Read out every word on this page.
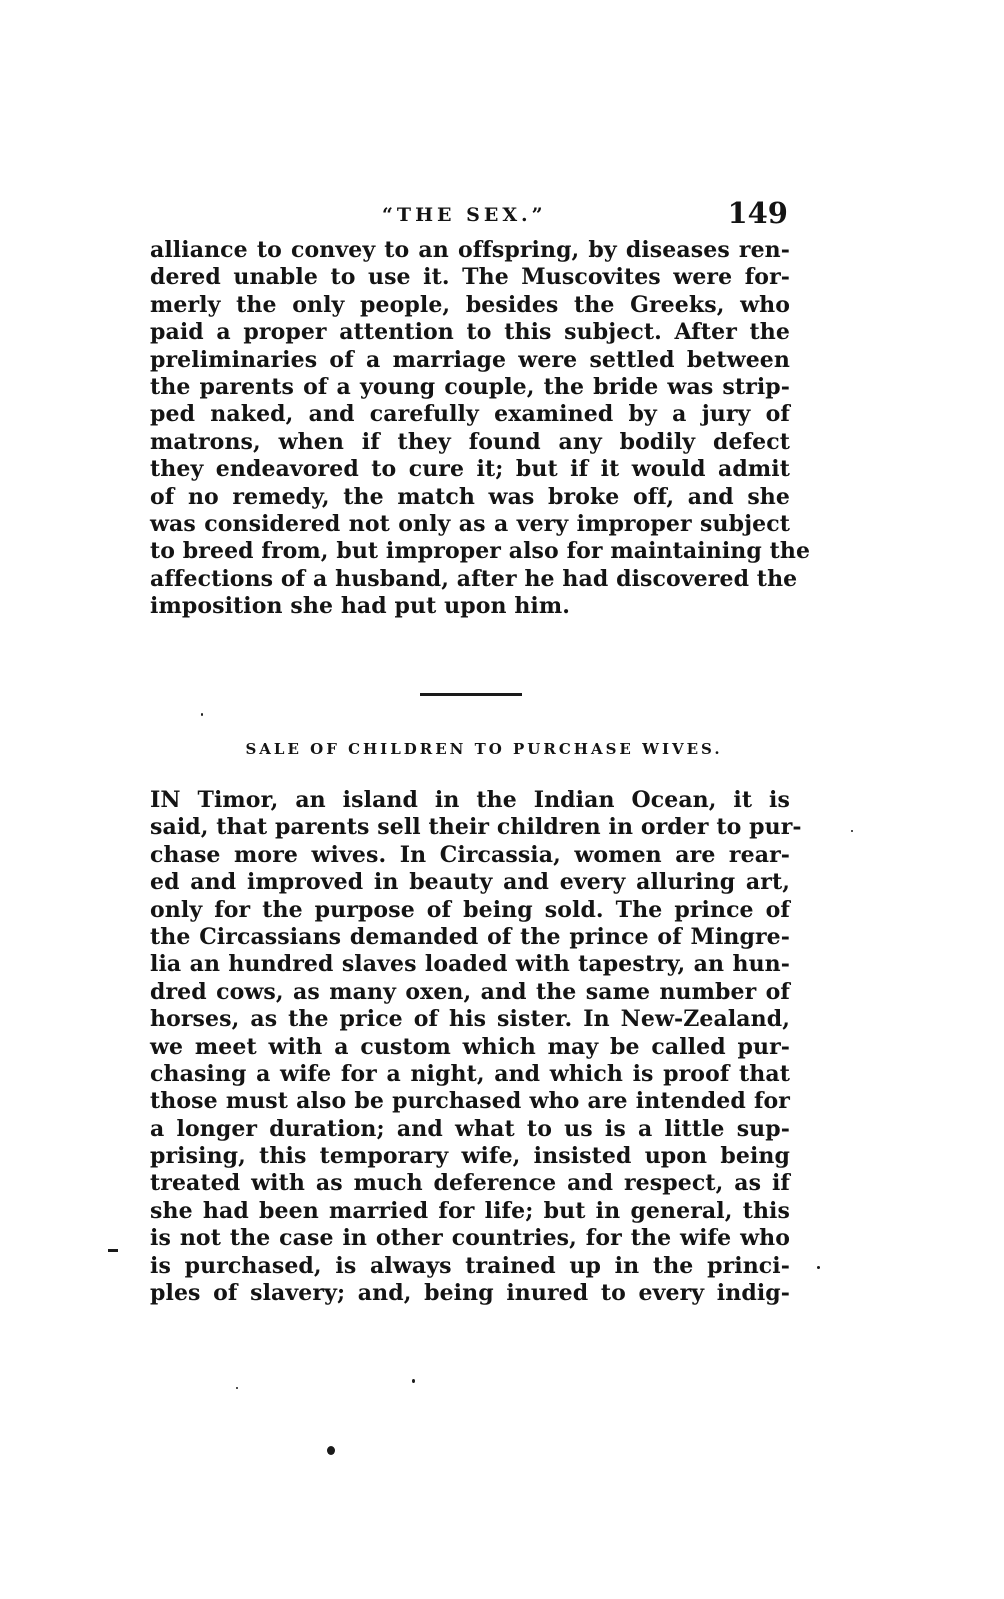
“THE SEX.”	149
alliance to convey to an offspring, by diseases ren-
dered unable to use it. The Muscovites were for-
merly the only people, besides the Greeks, who
paid a proper attention to this subject. After the
preliminaries of a marriage were settled between
the parents of a young couple, the bride was strip-
ped naked, and carefully examined by a jury of
matrons, when if they found any bodily defect
they endeavored to cure it; but if it would admit
of no remedy, the match was broke off, and she
was considered not only as a very improper subject
to breed from, but improper also for maintaining the
affections of a husband, after he had discovered the
imposition she had put upon him.
SALE OF CHILDREN TO PURCHASE WIVES.
IN Timor, an island in the Indian Ocean, it is
said, that parents sell their children in order to pur-
chase more wives. In Circassia, women are rear-
ed and improved in beauty and every alluring art,
only for the purpose of being sold. The prince of
the Circassians demanded of the prince of Mingre-
lia an hundred slaves loaded with tapestry, an hun-
dred cows, as many oxen, and the same number of
horses, as the price of his sister. In New-Zealand,
we meet with a custom which may be called pur-
chasing a wife for a night, and which is proof that
those must also be purchased who are intended for
a longer duration; and what to us is a little sup-
prising, this temporary wife, insisted upon being
treated with as much deference and respect, as if
she had been married for life; but in general, this
is not the case in other countries, for the wife who
is purchased, is always trained up in the princi-
ples of slavery; and, being inured to every indig-
